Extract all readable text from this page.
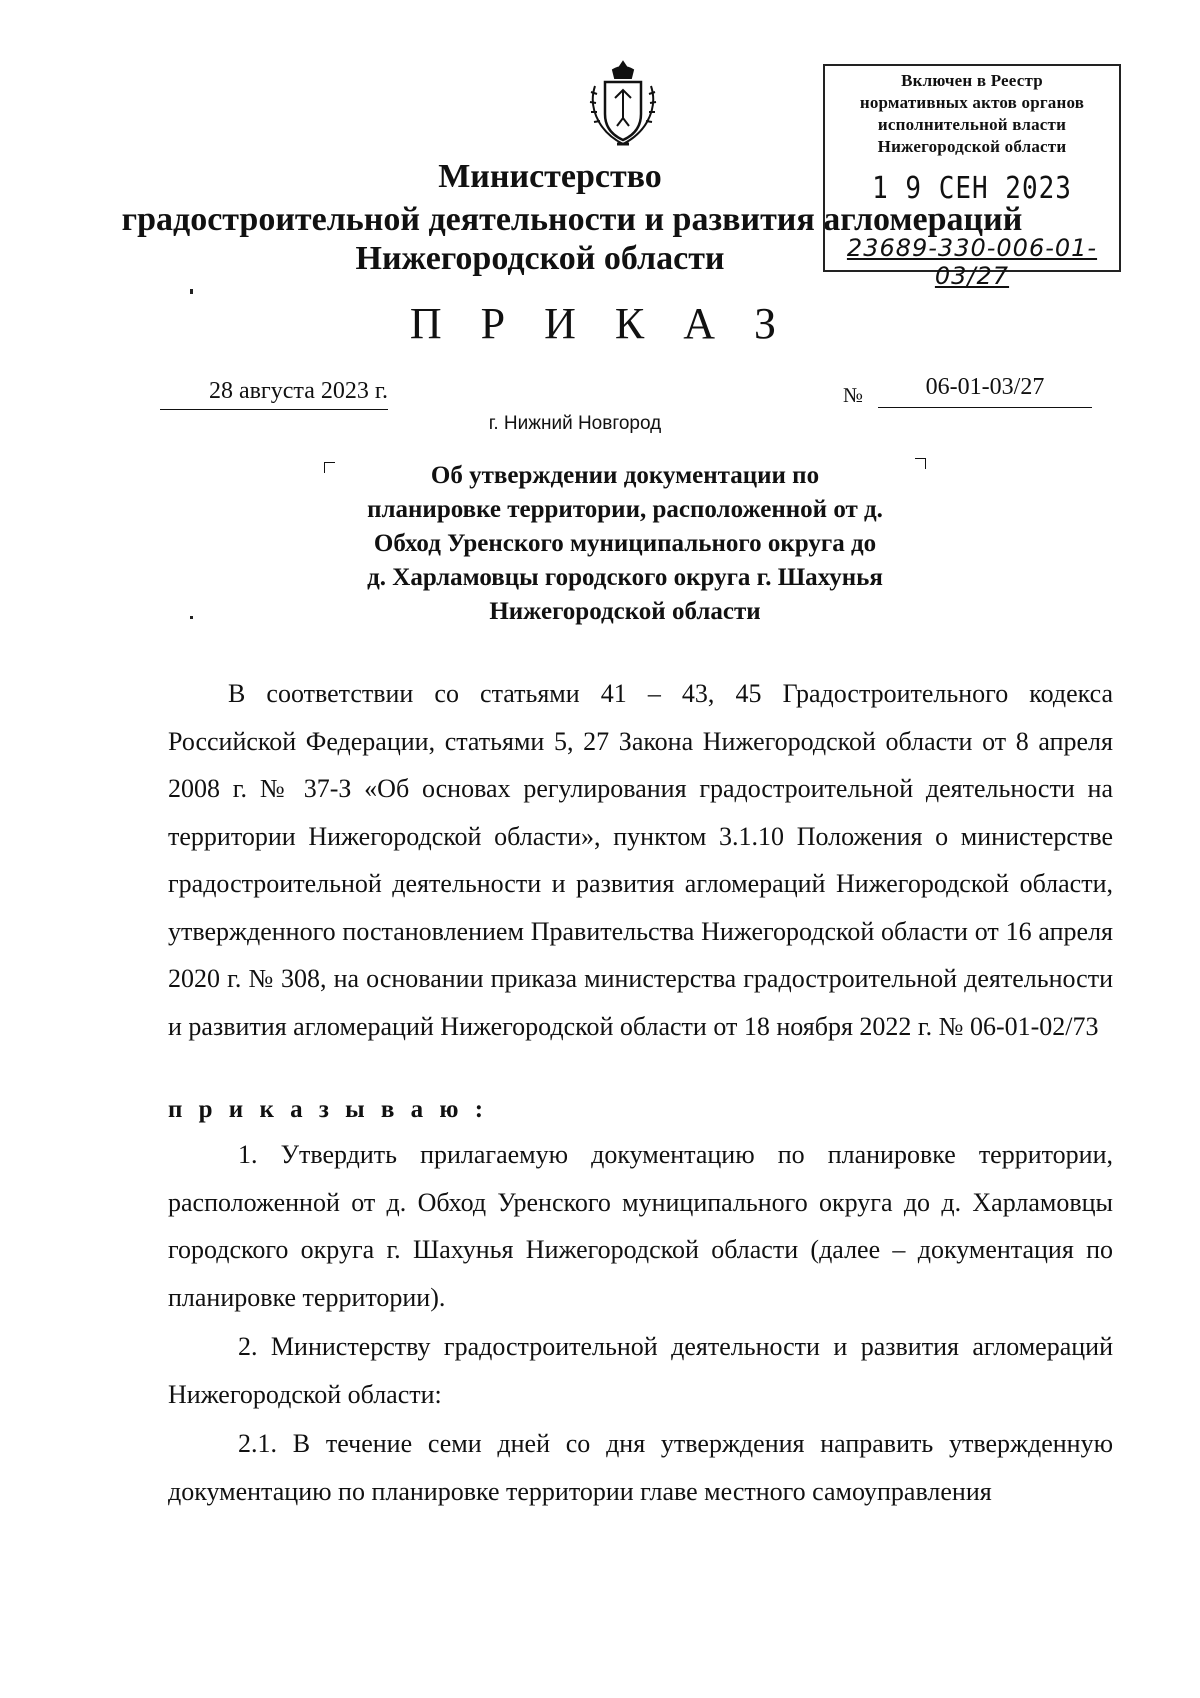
Министерство
градостроительной деятельности и развития агломераций
Нижегородской области
Включен в Реестр
нормативных актов органов
исполнительной власти
Нижегородской области
1 9 СЕН 2023
23689-330-006-01-03/27
П Р И К А З
28 августа 2023 г.	№	06-01-03/27
г. Нижний Новгород
Об утверждении документации по
планировке территории, расположенной от д.
Обход Уренского муниципального округа до
д. Харламовцы городского округа г. Шахунья
Нижегородской области
В соответствии со статьями 41 – 43, 45 Градостроительного кодекса Российской Федерации, статьями 5, 27 Закона Нижегородской области от 8 апреля 2008 г. № 37-З «Об основах регулирования градостроительной деятельности на территории Нижегородской области», пунктом 3.1.10 Положения о министерстве градостроительной деятельности и развития агломераций Нижегородской области, утвержденного постановлением Правительства Нижегородской области от 16 апреля 2020 г. № 308, на основании приказа министерства градостроительной деятельности и развития агломераций Нижегородской области от 18 ноября 2022 г. № 06-01-02/73
п р и к а з ы в а ю :
1. Утвердить прилагаемую документацию по планировке территории, расположенной от д. Обход Уренского муниципального округа до д. Харламовцы городского округа г. Шахунья Нижегородской области (далее – документация по планировке территории).
2. Министерству градостроительной деятельности и развития агломераций Нижегородской области:
2.1. В течение семи дней со дня утверждения направить утвержденную документацию по планировке территории главе местного самоуправления
